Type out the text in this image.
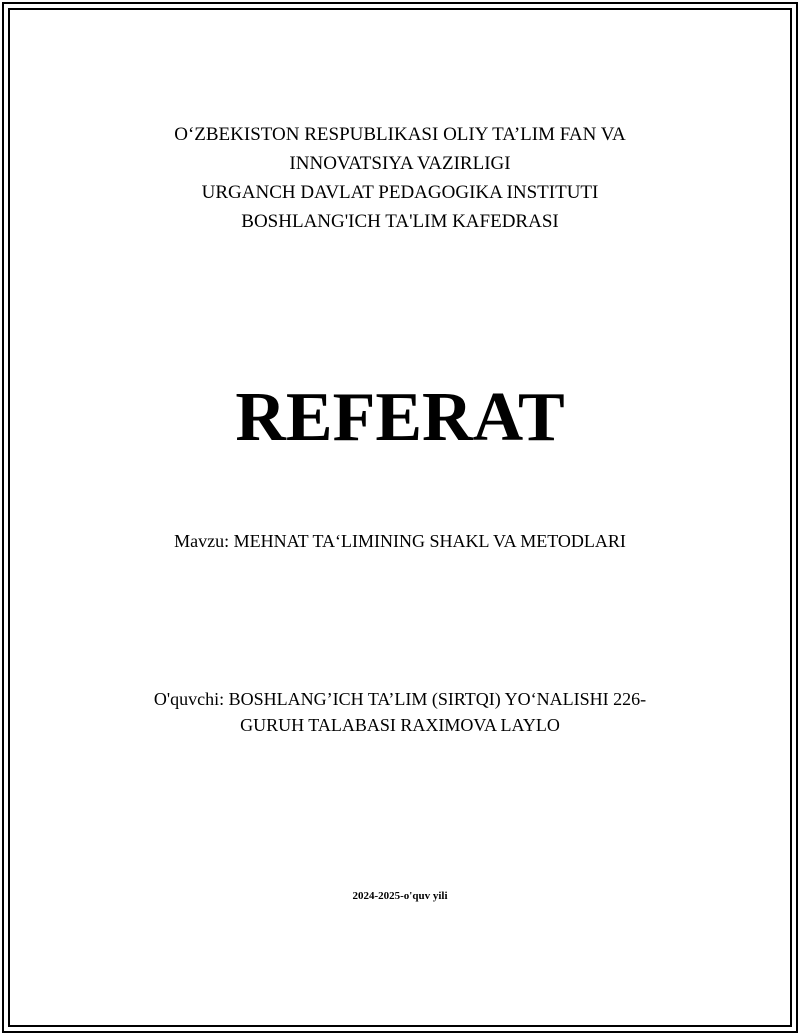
O‘ZBEKISTON RESPUBLIKASI OLIY TA’LIM FAN VA
INNOVATSIYA VAZIRLIGI
URGANCH DAVLAT PEDAGOGIKA INSTITUTI
BOSHLANG'ICH TA'LIM KAFEDRASI
REFERAT
Mavzu: MEHNAT TA‘LIMINING SHAKL VA METODLARI
O'quvchi: BOSHLANG’ICH TA’LIM (SIRTQI) YO‘NALISHI 226-
GURUH TALABASI RAXIMOVA LAYLO
2024-2025-o'quv yili
